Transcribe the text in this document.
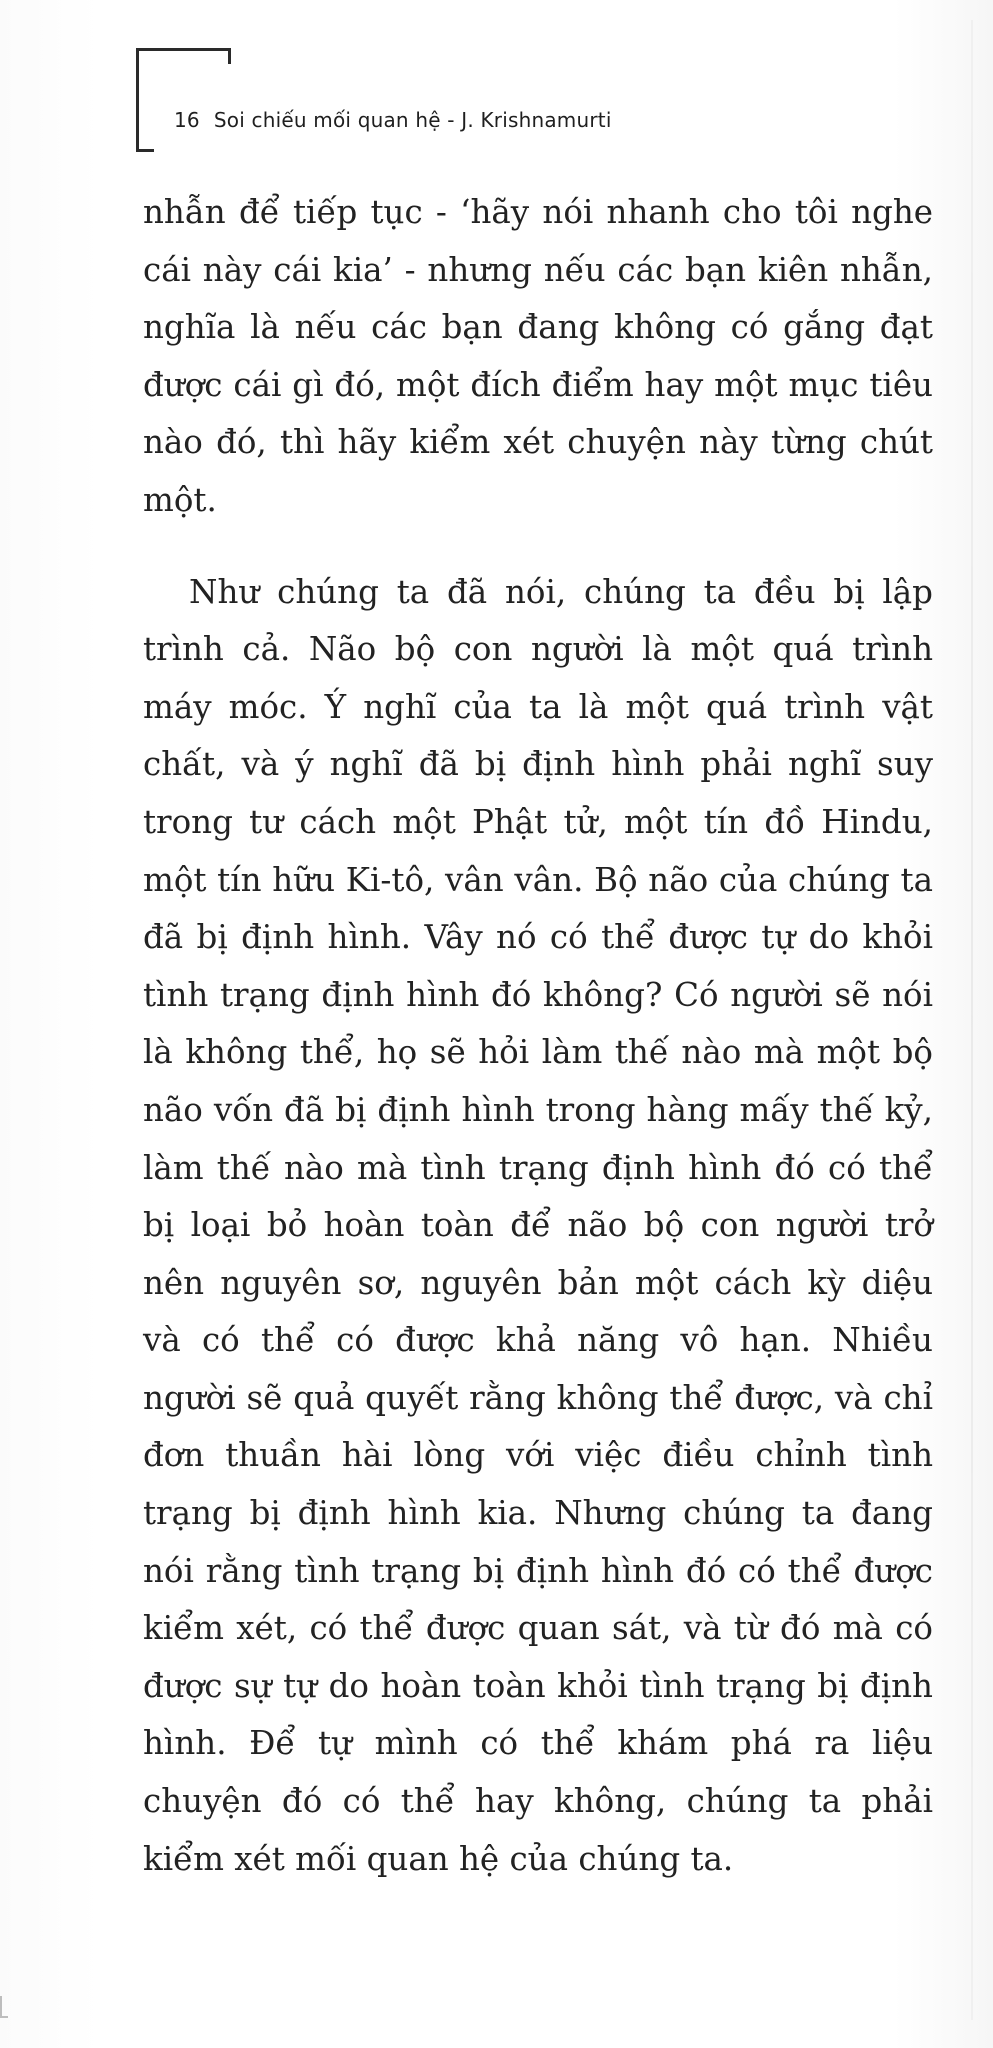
16 Soi chiếu mối quan hệ - J. Krishnamurti

nhẫn để tiếp tục - ‘hãy nói nhanh cho tôi nghe cái này cái kia’ - nhưng nếu các bạn kiên nhẫn, nghĩa là nếu các bạn đang không có gắng đạt được cái gì đó, một đích điểm hay một mục tiêu nào đó, thì hãy kiểm xét chuyện này từng chút một.

Như chúng ta đã nói, chúng ta đều bị lập trình cả. Não bộ con người là một quá trình máy móc. Ý nghĩ của ta là một quá trình vật chất, và ý nghĩ đã bị định hình phải nghĩ suy trong tư cách một Phật tử, một tín đồ Hindu, một tín hữu Ki-tô, vân vân. Bộ não của chúng ta đã bị định hình. Vây nó có thể được tự do khỏi tình trạng định hình đó không? Có người sẽ nói là không thể, họ sẽ hỏi làm thế nào mà một bộ não vốn đã bị định hình trong hàng mấy thế kỷ, làm thế nào mà tình trạng định hình đó có thể bị loại bỏ hoàn toàn để não bộ con người trở nên nguyên sơ, nguyên bản một cách kỳ diệu và có thể có được khả năng vô hạn. Nhiều người sẽ quả quyết rằng không thể được, và chỉ đơn thuần hài lòng với việc điều chỉnh tình trạng bị định hình kia. Nhưng chúng ta đang nói rằng tình trạng bị định hình đó có thể được kiểm xét, có thể được quan sát, và từ đó mà có được sự tự do hoàn toàn khỏi tình trạng bị định hình. Để tự mình có thể khám phá ra liệu chuyện đó có thể hay không, chúng ta phải kiểm xét mối quan hệ của chúng ta.
